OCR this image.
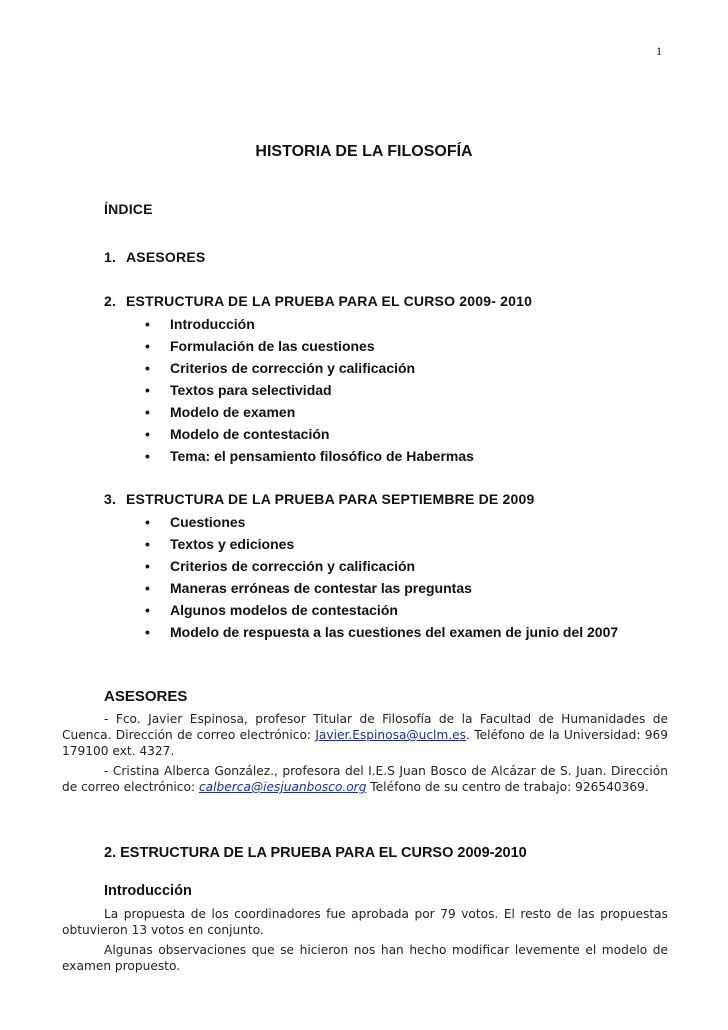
1
HISTORIA DE LA FILOSOFÍA
ÍNDICE
1. ASESORES
2. ESTRUCTURA DE LA PRUEBA PARA EL CURSO 2009- 2010
• Introducción
• Formulación de las cuestiones
• Criterios de corrección y calificación
• Textos para selectividad
• Modelo de examen
• Modelo de contestación
• Tema: el pensamiento filosófico de Habermas
3. ESTRUCTURA DE LA PRUEBA PARA SEPTIEMBRE DE 2009
• Cuestiones
• Textos y ediciones
• Criterios de corrección y calificación
• Maneras erróneas de contestar las preguntas
• Algunos modelos de contestación
• Modelo de respuesta a las cuestiones del examen de junio del 2007
ASESORES
- Fco. Javier Espinosa, profesor Titular de Filosofía de la Facultad de Humanidades de Cuenca. Dirección de correo electrónico: Javier.Espinosa@uclm.es. Teléfono de la Universidad: 969 179100 ext. 4327.
- Cristina Alberca González., profesora del I.E.S Juan Bosco de Alcázar de S. Juan. Dirección de correo electrónico: calberca@iesjuanbosco.org Teléfono de su centro de trabajo: 926540369.
2. ESTRUCTURA DE LA PRUEBA PARA EL CURSO 2009-2010
Introducción
La propuesta de los coordinadores fue aprobada por 79 votos. El resto de las propuestas obtuvieron 13 votos en conjunto.
Algunas observaciones que se hicieron nos han hecho modificar levemente el modelo de examen propuesto.
